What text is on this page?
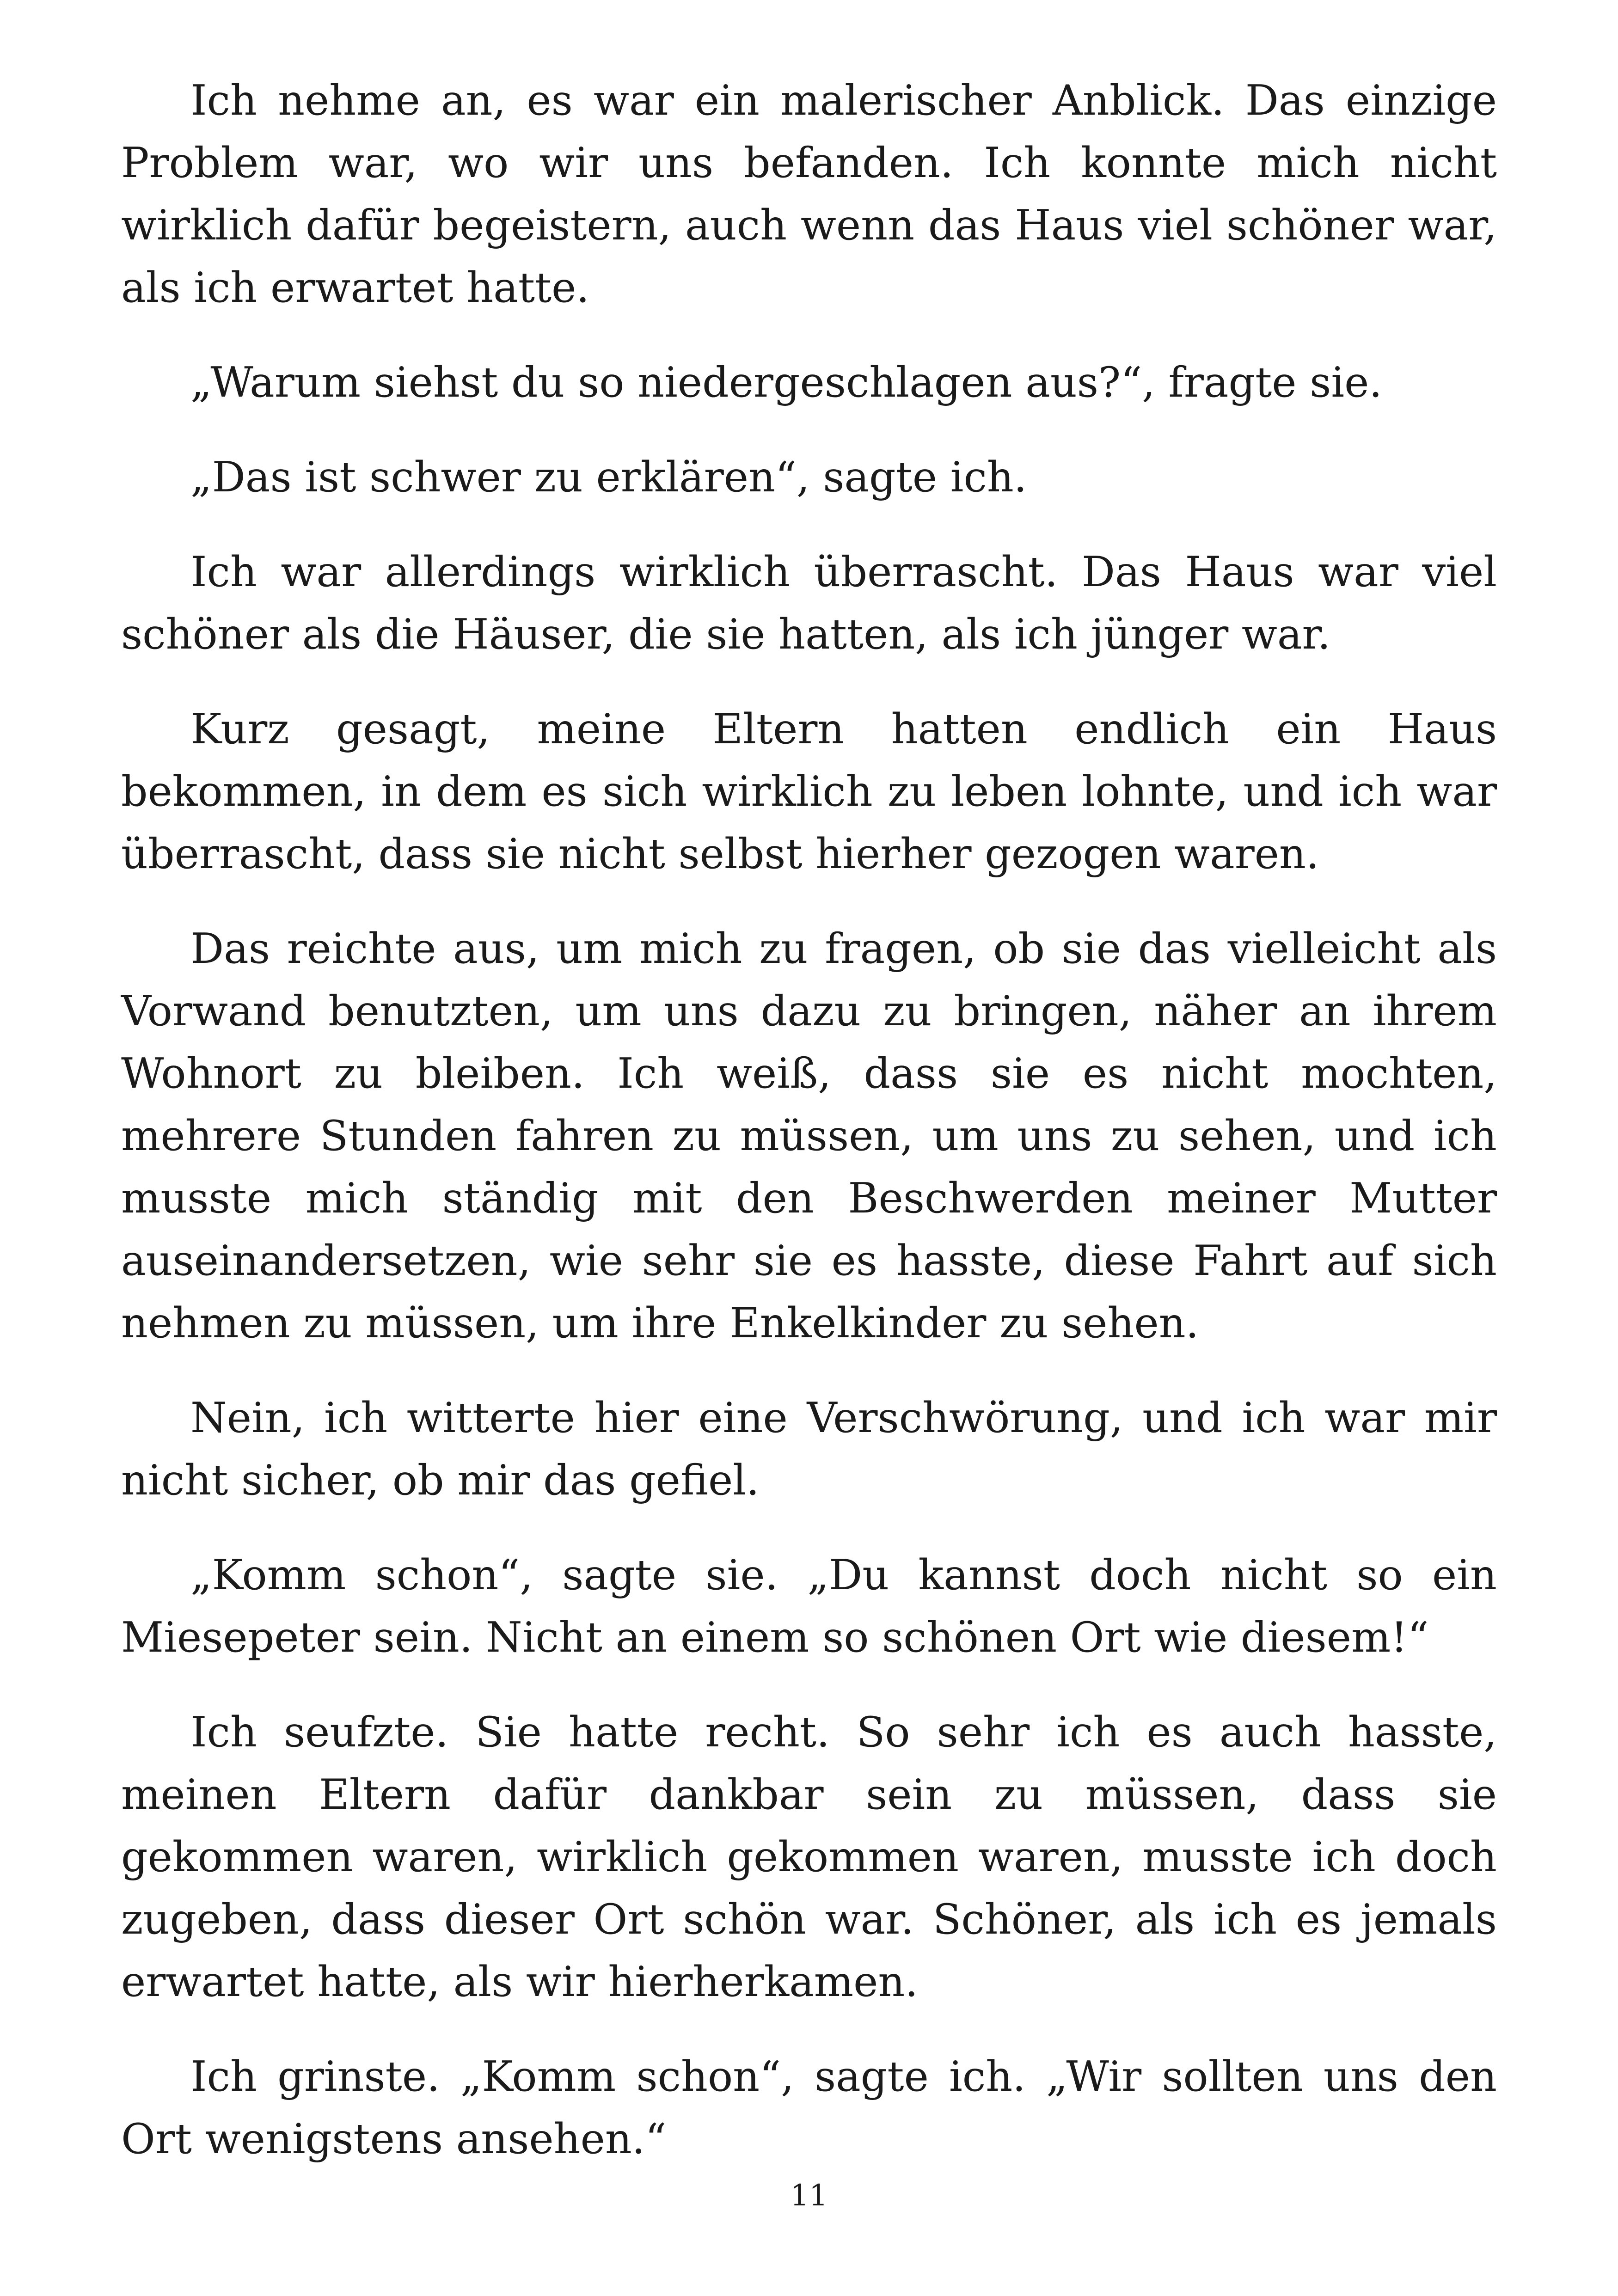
Ich nehme an, es war ein malerischer Anblick. Das einzige Problem war, wo wir uns befanden. Ich konnte mich nicht wirklich dafür begeistern, auch wenn das Haus viel schöner war, als ich erwartet hatte.

„Warum siehst du so niedergeschlagen aus?“, fragte sie.

„Das ist schwer zu erklären“, sagte ich.

Ich war allerdings wirklich überrascht. Das Haus war viel schöner als die Häuser, die sie hatten, als ich jünger war.

Kurz gesagt, meine Eltern hatten endlich ein Haus bekommen, in dem es sich wirklich zu leben lohnte, und ich war überrascht, dass sie nicht selbst hierher gezogen waren.

Das reichte aus, um mich zu fragen, ob sie das vielleicht als Vorwand benutzten, um uns dazu zu bringen, näher an ihrem Wohnort zu bleiben. Ich weiß, dass sie es nicht mochten, mehrere Stunden fahren zu müssen, um uns zu sehen, und ich musste mich ständig mit den Beschwerden meiner Mutter auseinandersetzen, wie sehr sie es hasste, diese Fahrt auf sich nehmen zu müssen, um ihre Enkelkinder zu sehen.

Nein, ich witterte hier eine Verschwörung, und ich war mir nicht sicher, ob mir das gefiel.

„Komm schon“, sagte sie. „Du kannst doch nicht so ein Miesepeter sein. Nicht an einem so schönen Ort wie diesem!“

Ich seufzte. Sie hatte recht. So sehr ich es auch hasste, meinen Eltern dafür dankbar sein zu müssen, dass sie gekommen waren, wirklich gekommen waren, musste ich doch zugeben, dass dieser Ort schön war. Schöner, als ich es jemals erwartet hatte, als wir hierherkamen.

Ich grinste. „Komm schon“, sagte ich. „Wir sollten uns den Ort wenigstens ansehen.“

11
